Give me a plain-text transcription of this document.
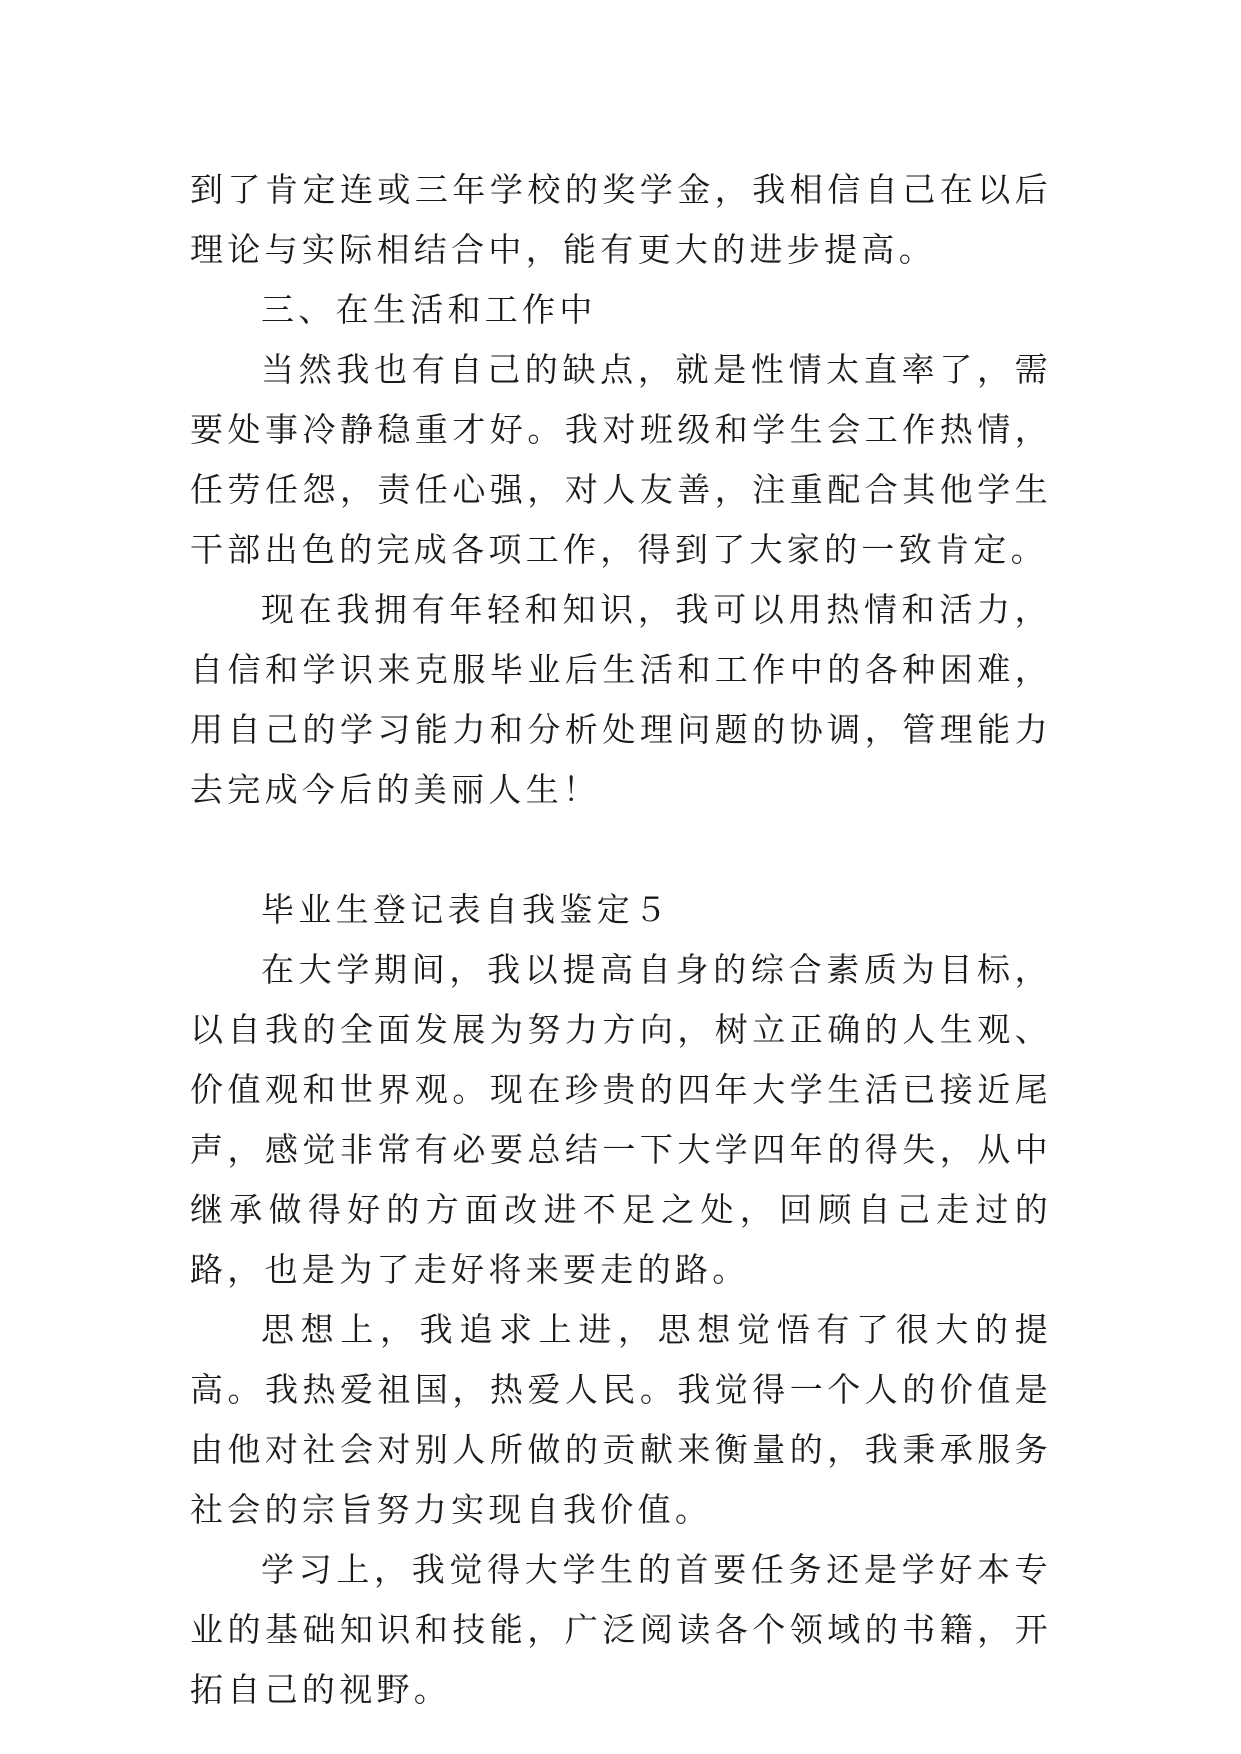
到了肯定连或三年学校的奖学金，我相信自己在以后理论与实际相结合中，能有更大的进步提高。

三、在生活和工作中

当然我也有自己的缺点，就是性情太直率了，需要处事冷静稳重才好。我对班级和学生会工作热情，任劳任怨，责任心强，对人友善，注重配合其他学生干部出色的完成各项工作，得到了大家的一致肯定。

现在我拥有年轻和知识，我可以用热情和活力，自信和学识来克服毕业后生活和工作中的各种困难，用自己的学习能力和分析处理问题的协调，管理能力去完成今后的美丽人生！

毕业生登记表自我鉴定５

在大学期间，我以提高自身的综合素质为目标，以自我的全面发展为努力方向，树立正确的人生观、价值观和世界观。现在珍贵的四年大学生活已接近尾声，感觉非常有必要总结一下大学四年的得失，从中继承做得好的方面改进不足之处，回顾自己走过的路，也是为了走好将来要走的路。

思想上，我追求上进，思想觉悟有了很大的提高。我热爱祖国，热爱人民。我觉得一个人的价值是由他对社会对别人所做的贡献来衡量的，我秉承服务社会的宗旨努力实现自我价值。

学习上，我觉得大学生的首要任务还是学好本专业的基础知识和技能，广泛阅读各个领域的书籍，开拓自己的视野。
